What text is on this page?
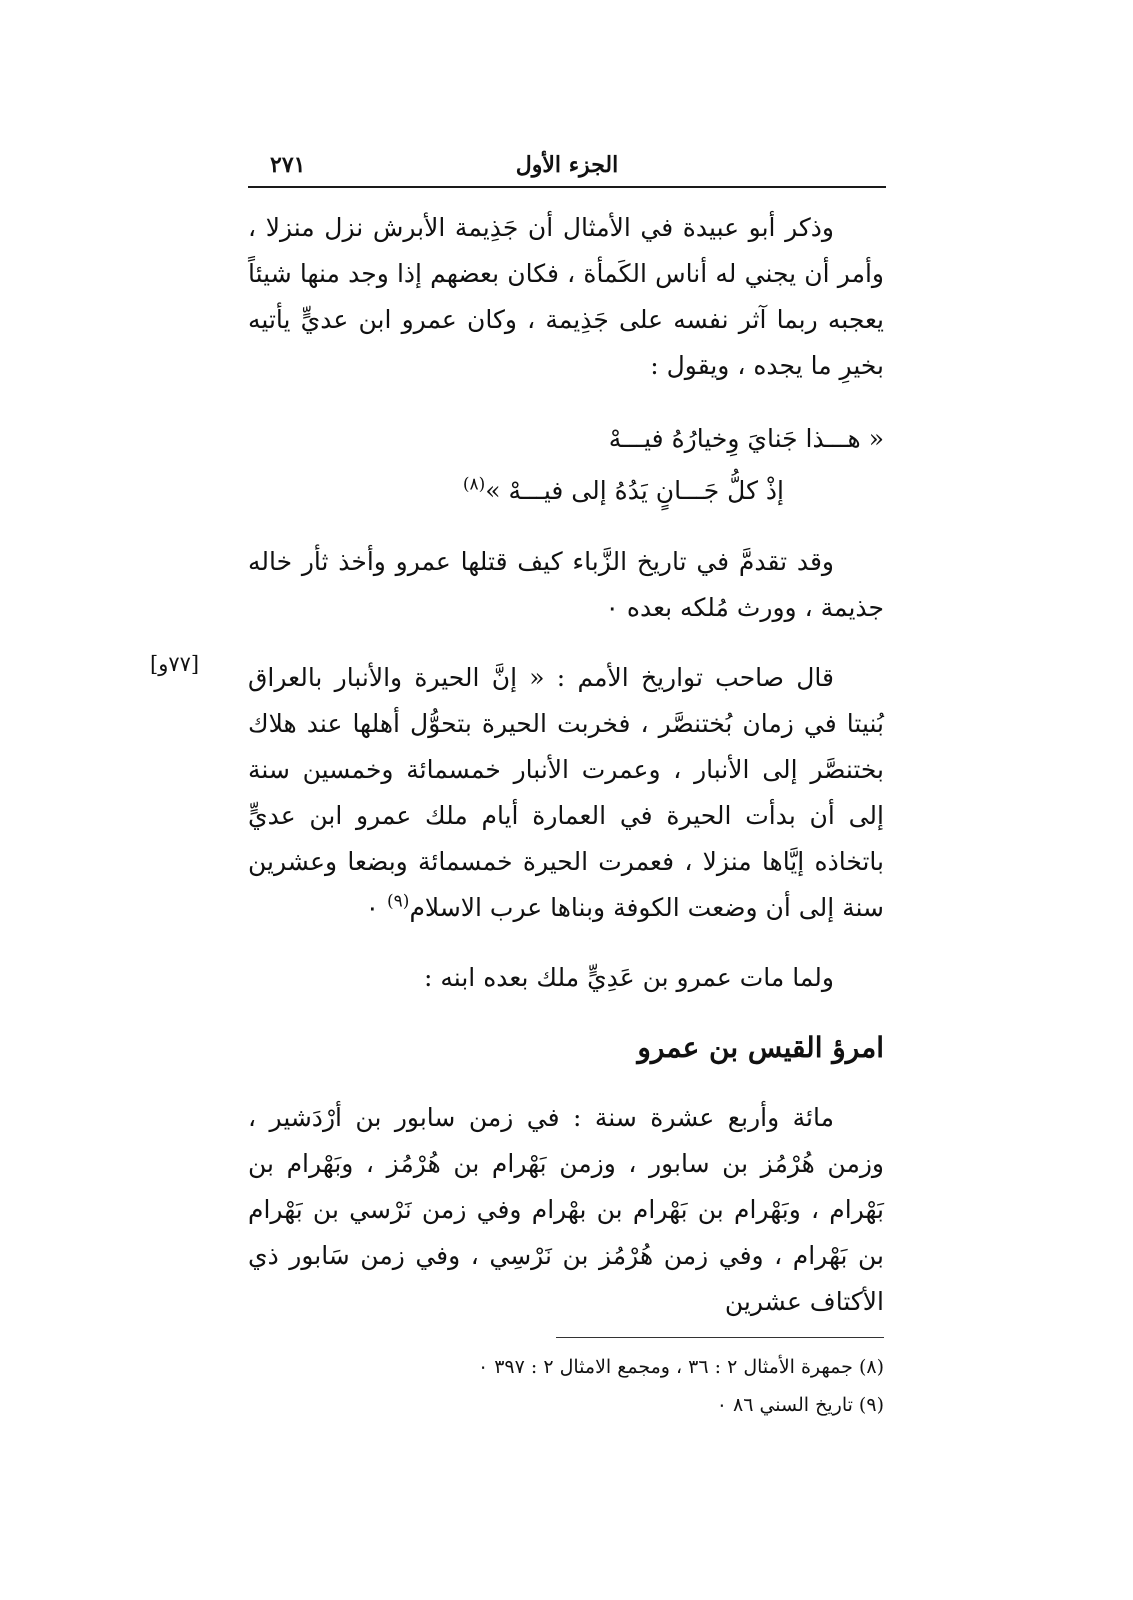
الجزء الأول
٢٧١
[٧٧و]

وذكر أبو عبيدة في الأمثال أن جَذِيمة الأبرش نزل منزلا ، وأمر أن يجني له أناس الكَمأة ، فكان بعضهم إذا وجد منها شيئاً يعجبه ربما آثر نفسه على جَذِيمة ، وكان عمرو ابن عديٍّ يأتيه بخيرِ ما يجده ، ويقول :

« هـــذا جَنايَ وِخيارُهُ فيـــهْ
إذْ كلُّ جَـــانٍ يَدُهُ إلى فيـــهْ »$^{(٨)}$

وقد تقدمَّ في تاريخ الزَّباء كيف قتلها عمرو وأخذ ثأر خاله جذيمة ، وورث مُلكه بعده ٠

قال صاحب تواريخ الأمم : « إنَّ الحيرة والأنبار بالعراق بُنيتا في زمان بُختنصَّر ، فخربت الحيرة بتحوُّل أهلها عند هلاك بختنصَّر إلى الأنبار ، وعمرت الأنبار خمسمائة وخمسين سنة إلى أن بدأت الحيرة في العمارة أيام ملك عمرو ابن عديٍّ باتخاذه إيَّاها منزلا ، فعمرت الحيرة خمسمائة وبضعا وعشرين سنة إلى أن وضعت الكوفة وبناها عرب الاسلام$^{(٩)}$ ٠

ولما مات عمرو بن عَدِيٍّ ملك بعده ابنه :

امرؤ القيس بن عمرو

مائة وأربع عشرة سنة : في زمن سابور بن أرْدَشير ، وزمن هُرْمُز بن سابور ، وزمن بَهْرام بن هُرْمُز ، وبَهْرام بن بَهْرام ، وبَهْرام بن بَهْرام بن بهْرام وفي زمن نَرْسي بن بَهْرام بن بَهْرام ، وفي زمن هُرْمُز بن نَرْسِي ، وفي زمن سَابور ذي الأكتاف عشرين

(٨) جمهرة الأمثال ٢ : ٣٦ ، ومجمع الامثال ٢ : ٣٩٧ ٠
(٩) تاريخ السني ٨٦ ٠
